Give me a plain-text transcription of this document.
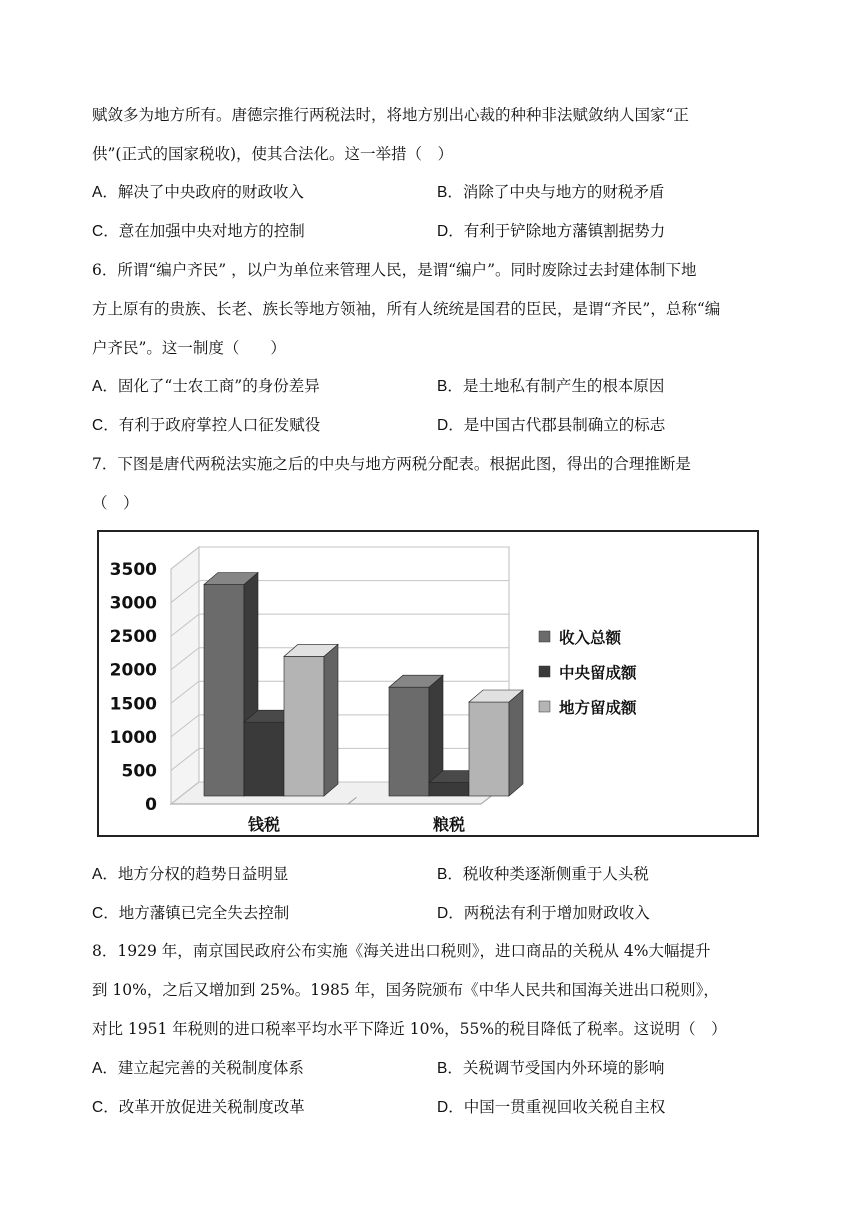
赋敛多为地方所有。唐德宗推行两税法时，将地方别出心裁的种种非法赋敛纳人国家“正
供”(正式的国家税收)，使其合法化。这一举措（　）
A．解决了中央政府的财政收入	B．消除了中央与地方的财税矛盾
C．意在加强中央对地方的控制	D．有利于铲除地方藩镇割据势力
6．所谓“编户齐民” ，以户为单位来管理人民，是谓“编户”。同时废除过去封建体制下地
方上原有的贵族、长老、族长等地方领袖，所有人统统是国君的臣民，是谓“齐民”，总称“编
户齐民”。这一制度（　　）
A．固化了“士农工商”的身份差异	B．是土地私有制产生的根本原因
C．有利于政府掌控人口征发赋役	D．是中国古代郡县制确立的标志
7．下图是唐代两税法实施之后的中央与地方两税分配表。根据此图，得出的合理推断是
（　）
3500
3000
2500
2000
1500
1000
500
0
钱税	粮税
收入总额
中央留成额
地方留成额
A．地方分权的趋势日益明显	B．税收种类逐渐侧重于人头税
C．地方藩镇已完全失去控制	D．两税法有利于增加财政收入
8．1929 年，南京国民政府公布实施《海关进出口税则》，进口商品的关税从 4%大幅提升
到 10%，之后又增加到 25%。1985 年，国务院颁布《中华人民共和国海关进出口税则》，
对比 1951 年税则的进口税率平均水平下降近 10%，55%的税目降低了税率。这说明（　）
A．建立起完善的关税制度体系	B．关税调节受国内外环境的影响
C．改革开放促进关税制度改革	D．中国一贯重视回收关税自主权
